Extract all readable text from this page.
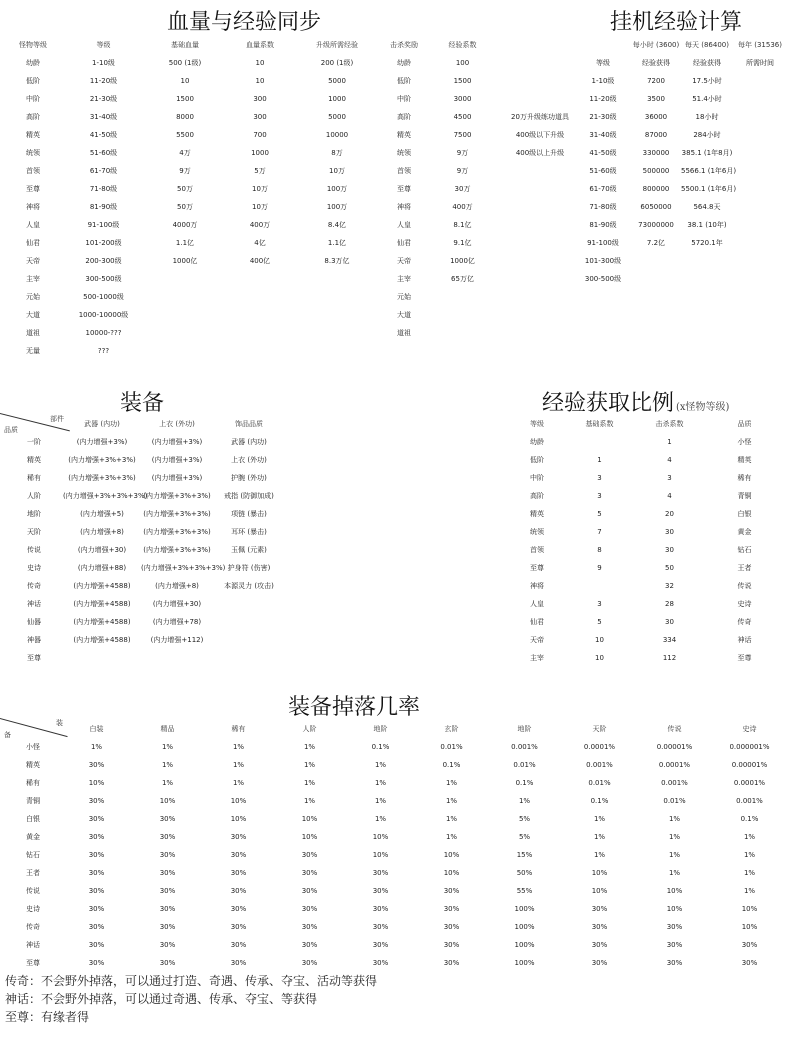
血量与经验同步	挂机经验计算
装备	经验获取比例 (x怪物等级)
装备掉落几率
怪物等级	等级	基础血量	血量系数	升级所需经验	击杀奖励	经验系数
幼龄	1-10级	500 (1级)	10	200 (1级)	幼龄	100
低阶	11-20级	10	10	5000	低阶	1500
中阶	21-30级	1500	300	1000	中阶	3000
高阶	31-40级	8000	300	5000	高阶	4500
精英	41-50级	5500	700	10000	精英	7500
统领	51-60级	4万	1000	8万	统领	9万
首领	61-70级	9万	5万	10万	首领	9万
至尊	71-80级	50万	10万	100万	至尊	30万
神将	81-90级	50万	10万	100万	神将	400万
人皇	91-100级	4000万	400万	8.4亿	人皇	8.1亿
仙君	101-200级	1.1亿	4亿	1.1亿	仙君	9.1亿
天帝	200-300级	1000亿	400亿	8.3万亿	天帝	1000亿
主宰	300-500级				主宰	65万亿
元始	500-1000级				元始	
大道	1000-10000级				大道	
道祖	10000-???				道祖	
无量	???					
		每小时 (3600)	每天 (86400)	每年 (31536)
	等级	经验获得	经验获得	所需时间
	1-10级	7200	17.5小时	
	11-20级	3500	51.4小时	
20万升级练功道具	21-30级	36000	18小时	
400级以下升级	31-40级	87000	284小时	
400级以上升级	41-50级	330000	385.1 (1年8月)	
	51-60级	500000	5566.1 (1年6月)	
	61-70级	800000	5500.1 (1年6月)	
	71-80级	6050000	564.8天	
	81-90级	73000000	38.1 (10年)	
	91-100级	7.2亿	5720.1年	
	101-300级			
	300-500级			
部件
品质
	武器 (内功)	上衣 (外功)	饰品品质
一阶	(内力增强+3%)	(内力增强+3%)	武器 (内功)
精英	(内力增强+3%+3%)	(内力增强+3%)	上衣 (外功)
稀有	(内力增强+3%+3%)	(内力增强+3%)	护腕 (外功)
人阶	(内力增强+3%+3%+3%)	(内力增强+3%+3%)	戒指 (防御加成)
地阶	(内力增强+5)	(内力增强+3%+3%)	项链 (暴击)
天阶	(内力增强+8)	(内力增强+3%+3%)	耳环 (暴击)
传说	(内力增强+30)	(内力增强+3%+3%)	玉佩 (元素)
史诗	(内力增强+88)	(内力增强+3%+3%+3%)	护身符 (伤害)
传奇	(内力增强+4588)	(内力增强+8)	本源灵力 (攻击)
神话	(内力增强+4588)	(内力增强+30)	
仙器	(内力增强+4588)	(内力增强+78)	
神器	(内力增强+4588)	(内力增强+112)	
至尊			
等级	基础系数	击杀系数	品质
幼龄		1	小怪
低阶	1	4	精英
中阶	3	3	稀有
高阶	3	4	青铜
精英	5	20	白银
统领	7	30	黄金
首领	8	30	钻石
至尊	9	50	王者
神将		32	传说
人皇	3	28	史诗
仙君	5	30	传奇
天帝	10	334	神话
主宰	10	112	至尊
装
备
	白装	精品	稀有	人阶	地阶	玄阶	地阶	天阶	传说	史诗
小怪	1%	1%	1%	1%	0.1%	0.01%	0.001%	0.0001%	0.00001%	0.000001%
精英	30%	1%	1%	1%	1%	0.1%	0.01%	0.001%	0.0001%	0.00001%
稀有	10%	1%	1%	1%	1%	1%	0.1%	0.01%	0.001%	0.0001%
青铜	30%	10%	10%	1%	1%	1%	1%	0.1%	0.01%	0.001%
白银	30%	30%	10%	10%	1%	1%	5%	1%	1%	0.1%
黄金	30%	30%	30%	10%	10%	1%	5%	1%	1%	1%
钻石	30%	30%	30%	30%	10%	10%	15%	1%	1%	1%
王者	30%	30%	30%	30%	30%	10%	50%	10%	1%	1%
传说	30%	30%	30%	30%	30%	30%	55%	10%	10%	1%
史诗	30%	30%	30%	30%	30%	30%	100%	30%	10%	10%
传奇	30%	30%	30%	30%	30%	30%	100%	30%	30%	10%
神话	30%	30%	30%	30%	30%	30%	100%	30%	30%	30%
至尊	30%	30%	30%	30%	30%	30%	100%	30%	30%	30%
传奇：不会野外掉落，可以通过打造、奇遇、传承、夺宝、活动等获得
神话：不会野外掉落，可以通过奇遇、传承、夺宝、等获得
至尊：有缘者得
